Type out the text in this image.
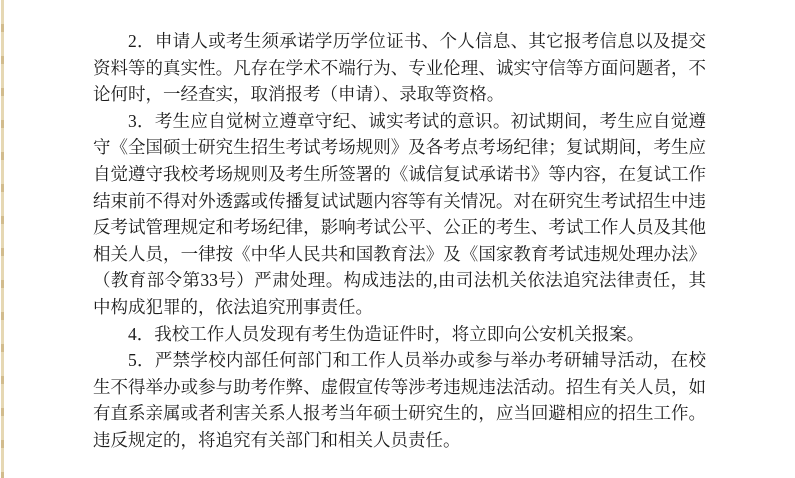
2．申请人或考生须承诺学历学位证书、个人信息、其它报考信息以及提交资料等的真实性。凡存在学术不端行为、专业伦理、诚实守信等方面问题者，不论何时，一经查实，取消报考（申请）、录取等资格。

3．考生应自觉树立遵章守纪、诚实考试的意识。初试期间，考生应自觉遵守《全国硕士研究生招生考试考场规则》及各考点考场纪律；复试期间，考生应自觉遵守我校考场规则及考生所签署的《诚信复试承诺书》等内容，在复试工作结束前不得对外透露或传播复试试题内容等有关情况。对在研究生考试招生中违反考试管理规定和考场纪律，影响考试公平、公正的考生、考试工作人员及其他相关人员，一律按《中华人民共和国教育法》及《国家教育考试违规处理办法》（教育部令第33号）严肃处理。构成违法的,由司法机关依法追究法律责任，其中构成犯罪的，依法追究刑事责任。

4．我校工作人员发现有考生伪造证件时，将立即向公安机关报案。

5．严禁学校内部任何部门和工作人员举办或参与举办考研辅导活动，在校生不得举办或参与助考作弊、虚假宣传等涉考违规违法活动。招生有关人员，如有直系亲属或者利害关系人报考当年硕士研究生的，应当回避相应的招生工作。违反规定的，将追究有关部门和相关人员责任。
